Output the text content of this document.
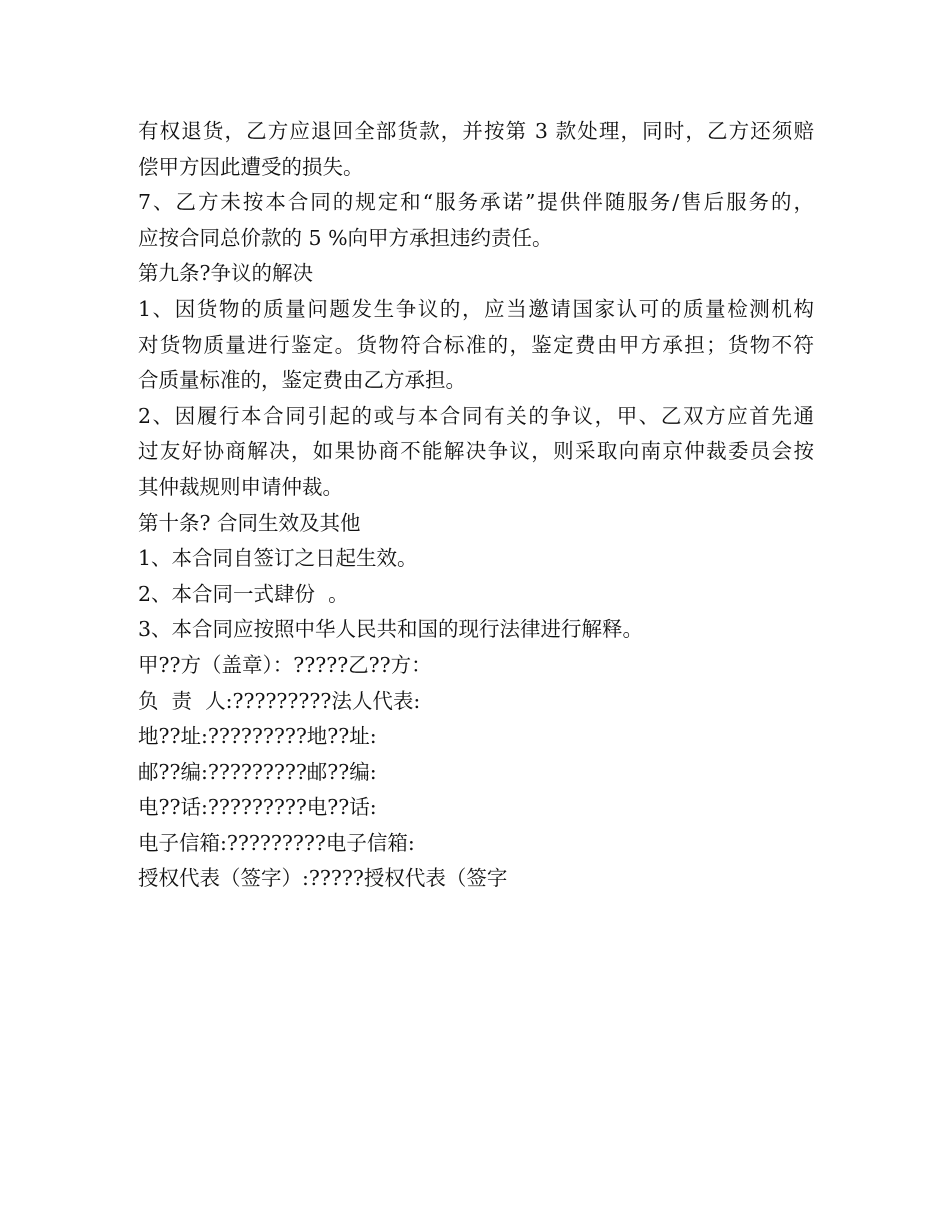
有权退货，乙方应退回全部货款，并按第 3 款处理，同时，乙方还须赔
偿甲方因此遭受的损失。
7、乙方未按本合同的规定和“服务承诺”提供伴随服务/售后服务的，
应按合同总价款的 5 %向甲方承担违约责任。
第九条?争议的解决
1、因货物的质量问题发生争议的，应当邀请国家认可的质量检测机构
对货物质量进行鉴定。货物符合标准的，鉴定费由甲方承担；货物不符
合质量标准的，鉴定费由乙方承担。
2、因履行本合同引起的或与本合同有关的争议，甲、乙双方应首先通
过友好协商解决，如果协商不能解决争议，则采取向南京仲裁委员会按
其仲裁规则申请仲裁。
第十条? 合同生效及其他
1、本合同自签订之日起生效。
2、本合同一式肆份  。
3、本合同应按照中华人民共和国的现行法律进行解释。
甲??方（盖章）：?????乙??方：
负  责  人:?????????法人代表:
地??址:?????????地??址:
邮??编:?????????邮??编:
电??话:?????????电??话:
电子信箱:?????????电子信箱:
授权代表（签字）:?????授权代表（签字
